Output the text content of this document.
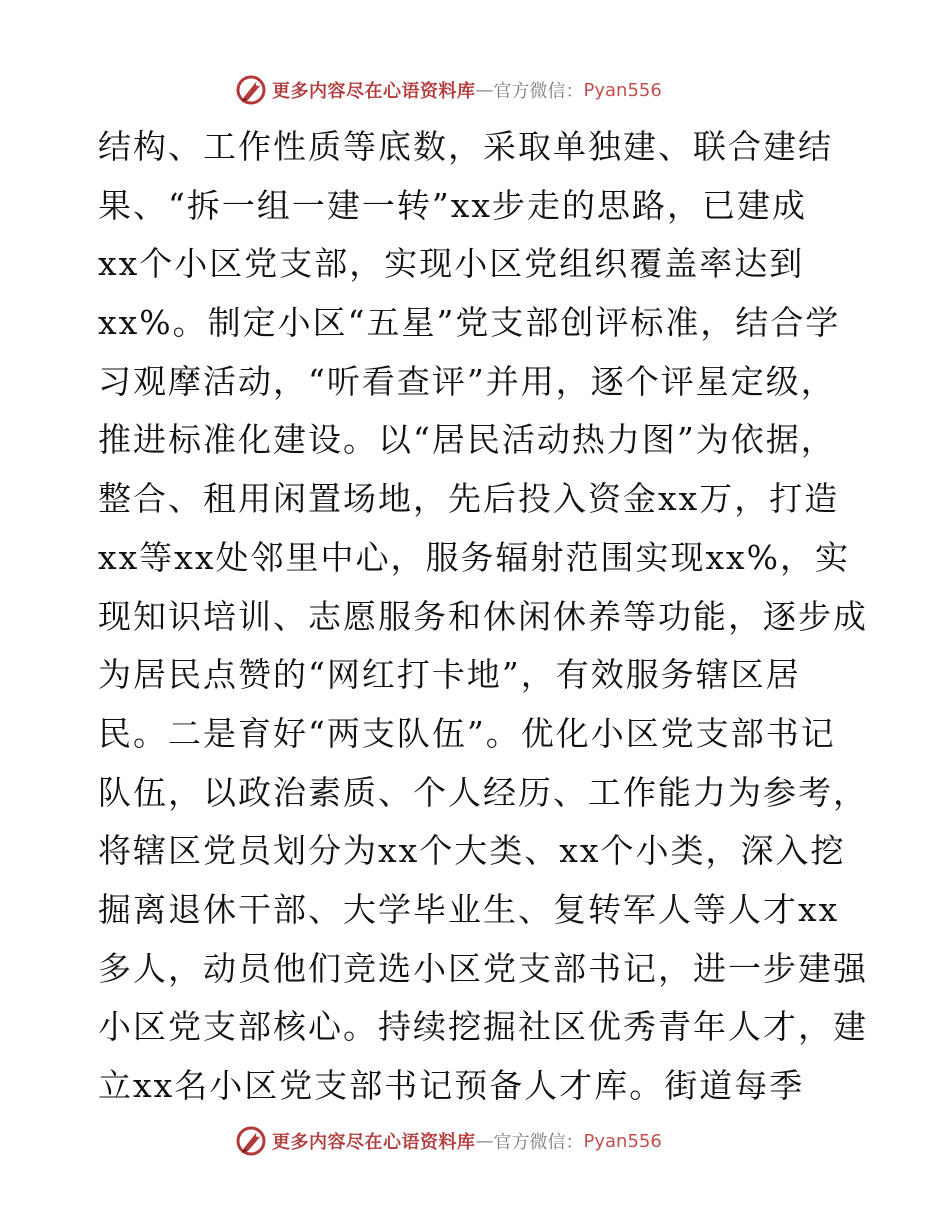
更多内容尽在心语资料库 — 官方微信： Pyan556
结构、工作性质等底数，采取单独建、联合建结
果、“拆一组一建一转”xx步走的思路，已建成
xx个小区党支部，实现小区党组织覆盖率达到
xx%。制定小区“五星”党支部创评标准，结合学
习观摩活动，“听看查评”并用，逐个评星定级，
推进标准化建设。以“居民活动热力图”为依据，
整合、租用闲置场地，先后投入资金xx万，打造
xx等xx处邻里中心，服务辐射范围实现xx%，实
现知识培训、志愿服务和休闲休养等功能，逐步成
为居民点赞的“网红打卡地”，有效服务辖区居
民。二是育好“两支队伍”。优化小区党支部书记
队伍，以政治素质、个人经历、工作能力为参考，
将辖区党员划分为xx个大类、xx个小类，深入挖
掘离退休干部、大学毕业生、复转军人等人才xx
多人，动员他们竞选小区党支部书记，进一步建强
小区党支部核心。持续挖掘社区优秀青年人才，建
立xx名小区党支部书记预备人才库。街道每季
更多内容尽在心语资料库 — 官方微信： Pyan556
